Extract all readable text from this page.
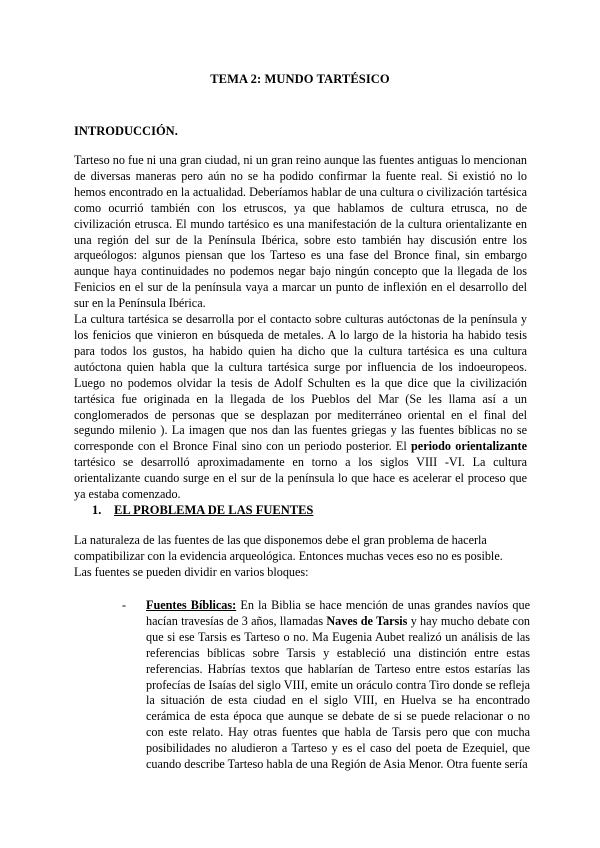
TEMA 2: MUNDO TARTÉSICO
INTRODUCCIÓN.

Tarteso no fue ni una gran ciudad, ni un gran reino aunque las fuentes antiguas lo mencionan de diversas maneras pero aún no se ha podido confirmar la fuente real. Si existió no lo hemos encontrado en la actualidad. Deberíamos hablar de una cultura o civilización tartésica como ocurrió también con los etruscos, ya que hablamos de cultura etrusca, no de civilización etrusca. El mundo tartésico es una manifestación de la cultura orientalizante en una región del sur de la Península Ibérica, sobre esto también hay discusión entre los arqueólogos: algunos piensan que los Tarteso es una fase del Bronce final, sin embargo aunque haya continuidades no podemos negar bajo ningún concepto que la llegada de los Fenicios en el sur de la península vaya a marcar un punto de inflexión en el desarrollo del sur en la Península Ibérica.

La cultura tartésica se desarrolla por el contacto sobre culturas autóctonas de la península y los fenicios que vinieron en búsqueda de metales. A lo largo de la historia ha habido tesis para todos los gustos, ha habido quien ha dicho que la cultura tartésica es una cultura autóctona quien habla que la cultura tartésica surge por influencia de los indoeuropeos. Luego no podemos olvidar la tesis de Adolf Schulten es la que dice que la civilización tartésica fue originada en la llegada de los Pueblos del Mar (Se les llama así a un conglomerados de personas que se desplazan por mediterráneo oriental en el final del segundo milenio ). La imagen que nos dan las fuentes griegas y las fuentes bíblicas no se corresponde con el Bronce Final sino con un periodo posterior. El periodo orientalizante tartésico se desarrolló aproximadamente en torno a los siglos VIII -VI. La cultura orientalizante cuando surge en el sur de la península lo que hace es acelerar el proceso que ya estaba comenzado.

1. EL PROBLEMA DE LAS FUENTES

La naturaleza de las fuentes de las que disponemos debe el gran problema de hacerla compatibilizar con la evidencia arqueológica. Entonces muchas veces eso no es posible.

Las fuentes se pueden dividir en varios bloques:

- Fuentes Bíblicas: En la Biblia se hace mención de unas grandes navíos que hacían travesías de 3 años, llamadas Naves de Tarsis y hay mucho debate con que si ese Tarsis es Tarteso o no. Ma Eugenia Aubet realizó un análisis de las referencias bíblicas sobre Tarsis y estableció una distinción entre estas referencias. Habrías textos que hablarían de Tarteso entre estos estarías las profecías de Isaías del siglo VIII, emite un oráculo contra Tiro donde se refleja la situación de esta ciudad en el siglo VIII, en Huelva se ha encontrado cerámica de esta época que aunque se debate de si se puede relacionar o no con este relato. Hay otras fuentes que habla de Tarsis pero que con mucha posibilidades no aludieron a Tarteso y es el caso del poeta de Ezequiel, que cuando describe Tarteso habla de una Región de Asia Menor. Otra fuente sería
